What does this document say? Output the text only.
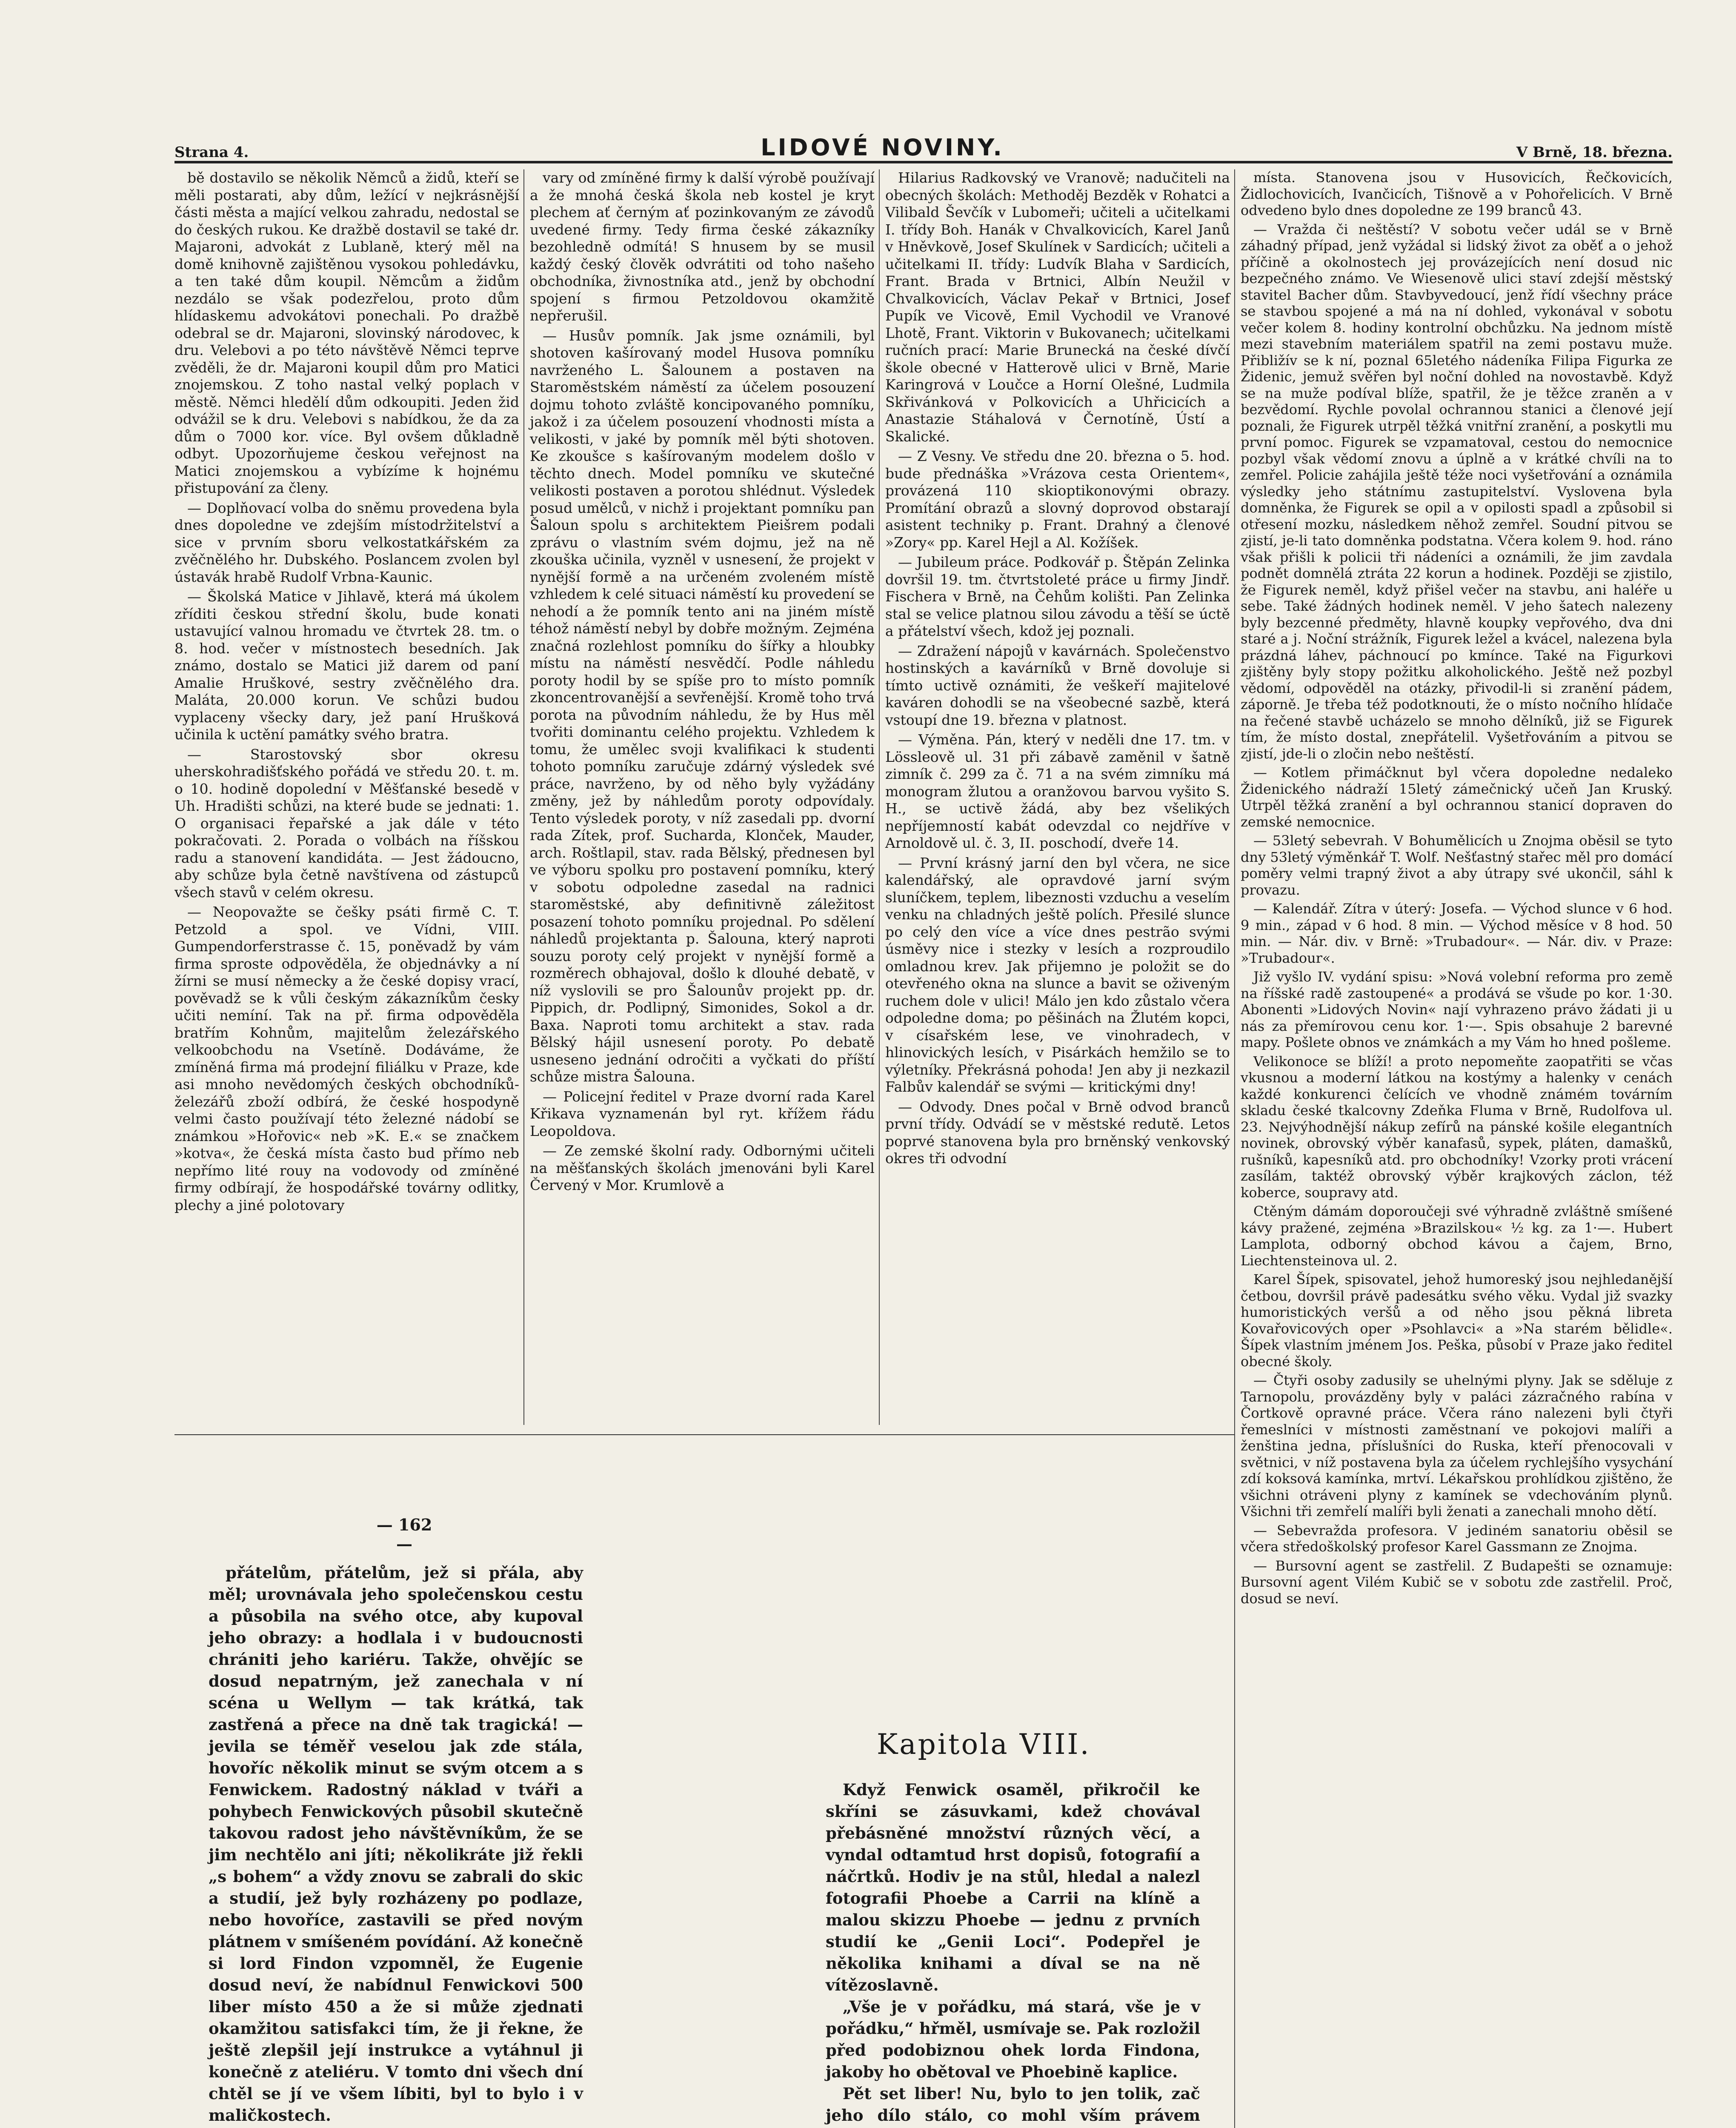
Strana 4.	LIDOVÉ NOVINY.	V Brně, 18. března.

bě dostavilo se několik Němců a židů, kteří se měli postarati, aby dům, ležící v nejkrásnější části města a mající velkou zahradu, nedostal se do českých rukou. Ke dražbě dostavil se také dr. Majaroni, advokát z Lublaně, který měl na domě knihovně zajištěnou vysokou pohledávku, a ten také dům koupil. Němcům a židům nezdálo se však podezřelou, proto dům hlídaskemu advokátovi ponechali. Po dražbě odebral se dr. Majaroni, slovinský národovec, k dru. Velebovi a po této návštěvě Němci teprve zvěděli, že dr. Majaroni koupil dům pro Matici znojemskou. Z toho nastal velký poplach v městě. Němci hledělí dům odkoupiti. Jeden žid odvážil se k dru. Velebovi s nabídkou, že da za dům o 7000 kor. více. Byl ovšem důkladně odbyt. Upozorňujeme českou veřejnost na Matici znojemskou a vybízíme k hojnému přistupování za členy.

— Doplňovací volba do sněmu provedena byla dnes dopoledne ve zdejším místodržitelství a sice v prvním sboru velkostatkářském za zvěčnělého hr. Dubského. Poslancem zvolen byl ústavák hrabě Rudolf Vrbna-Kaunic.

— Školská Matice v Jihlavě, která má úkolem zříditi českou střední školu, bude konati ustavující valnou hromadu ve čtvrtek 28. tm. o 8. hod. večer v místnostech besedních. Jak známo, dostalo se Matici již darem od paní Amalie Hruškové, sestry zvěčnělého dra. Maláta, 20.000 korun. Ve schůzi budou vyplaceny všecky dary, jež paní Hrušková učinila k uctění památky svého bratra.

— Starostovský sbor okresu uherskohradišťského pořádá ve středu 20. t. m. o 10. hodině dopolední v Měšťanské besedě v Uh. Hradišti schůzi, na které bude se jednati: 1. O organisaci řepařské a jak dále v této pokračovati. 2. Porada o volbách na říšskou radu a stanovení kandidáta. — Jest žádoucno, aby schůze byla četně navštívena od zástupců všech stavů v celém okresu.

— Neopovažte se češky psáti firmě C. T. Petzold a spol. ve Vídni, VIII. Gumpendorferstrasse č. 15, poněvadž by vám firma sproste odpověděla, že objednávky a ní žírni se musí německy a že české dopisy vrací, pověvadž se k vůli českým zákazníkům česky učiti nemíní. Tak na př. firma odpověděla bratřím Kohnům, majitelům železářského velkoobchodu na Vsetíně. Dodáváme, že zmíněná firma má prodejní filiálku v Praze, kde asi mnoho nevědomých českých obchodníků-železářů zboží odbírá, že české hospodyně velmi často používají této železné nádobí se známkou »Hořovic« neb »K. E.« se značkem »kotva«, že česká místa často bud přímo neb nepřímo lité rouy na vodovody od zmíněné firmy odbírají, že hospodářské továrny odlitky, plechy a jiné polotovary

vary od zmíněné firmy k další výrobě používají a že mnohá česká škola neb kostel je kryt plechem ať černým ať pozinkovaným ze závodů uvedené firmy. Tedy firma české zákazníky bezohledně odmítá! S hnusem by se musil každý český člověk odvrátiti od toho našeho obchodníka, živnostníka atd., jenž by obchodní spojení s firmou Petzoldovou okamžitě nepřerušil.

— Husův pomník. Jak jsme oznámili, byl shotoven kašírovaný model Husova pomníku navrženého L. Šalounem a postaven na Staroměstském náměstí za účelem posouzení dojmu tohoto zvláště koncipovaného pomníku, jakož i za účelem posouzení vhodnosti místa a velikosti, v jaké by pomník měl býti shotoven. Ke zkoušce s kašírovaným modelem došlo v těchto dnech. Model pomníku ve skutečné velikosti postaven a porotou shlédnut. Výsledek posud umělců, v nichž i projektant pomníku pan Šaloun spolu s architektem Pieišrem podali zprávu o vlastním svém dojmu, jež na ně zkouška učinila, vyzněl v usnesení, že projekt v nynější formě a na určeném zvoleném místě vzhledem k celé situaci náměstí ku provedení se nehodí a že pomník tento ani na jiném místě téhož náměstí nebyl by dobře možným. Zejména značná rozlehlost pomníku do šířky a hloubky místu na náměstí nesvědčí. Podle náhledu poroty hodil by se spíše pro to místo pomník zkoncentrovanější a sevřenější. Kromě toho trvá porota na původním náhledu, že by Hus měl tvořiti dominantu celého projektu. Vzhledem k tomu, že umělec svoji kvalifikaci k studenti tohoto pomníku zaručuje zdárný výsledek své práce, navrženo, by od něho byly vyžádány změny, jež by náhledům poroty odpovídaly. Tento výsledek poroty, v níž zasedali pp. dvorní rada Zítek, prof. Sucharda, Klonček, Mauder, arch. Roštlapil, stav. rada Bělský, přednesen byl ve výboru spolku pro postavení pomníku, který v sobotu odpoledne zasedal na radnici staroměstské, aby definitivně záležitost posazení tohoto pomníku projednal. Po sdělení náhledů projektanta p. Šalouna, který naproti souzu poroty celý projekt v nynější formě a rozměrech obhajoval, došlo k dlouhé debatě, v níž vyslovili se pro Šalounův projekt pp. dr. Pippich, dr. Podlipný, Simonides, Sokol a dr. Baxa. Naproti tomu architekt a stav. rada Bělský hájil usnesení poroty. Po debatě usneseno jednání odročiti a vyčkati do příští schůze mistra Šalouna.

— Policejní ředitel v Praze dvorní rada Karel Křikava vyznamenán byl ryt. křížem řádu Leopoldova.

— Ze zemské školní rady. Odbornými učiteli na měšťanských školách jmenováni byli Karel Červený v Mor. Krumlově a

Hilarius Radkovský ve Vranově; nadučiteli na obecných školách: Methoděj Bezděk v Rohatci a Vilibald Ševčík v Lubomeři; učiteli a učitelkami I. třídy Boh. Hanák v Chvalkovicích, Karel Janů v Hněvkově, Josef Skulínek v Sardicích; učiteli a učitelkami II. třídy: Ludvík Blaha v Sardicích, Frant. Brada v Brtnici, Albín Neužil v Chvalkovicích, Václav Pekař v Brtnici, Josef Pupík ve Vicově, Emil Vychodil ve Vranové Lhotě, Frant. Viktorin v Bukovanech; učitelkami ručních prací: Marie Brunecká na české dívčí škole obecné v Hatterově ulici v Brně, Marie Karingrová v Loučce a Horní Olešné, Ludmila Skřivánková v Polkovicích a Uhřicicích a Anastazie Stáhalová v Černotíně, Ústí a Skalické.

— Z Vesny. Ve středu dne 20. března o 5. hod. bude přednáška »Vrázova cesta Orientem«, provázená 110 skioptikonovými obrazy. Promítání obrazů a slovný doprovod obstarají asistent techniky p. Frant. Drahný a členové »Zory« pp. Karel Hejl a Al. Kožíšek.

— Jubileum práce. Podkovář p. Štěpán Zelinka dovršil 19. tm. čtvrtstoleté práce u firmy Jindř. Fischera v Brně, na Čehům kolišti. Pan Zelinka stal se velice platnou silou závodu a těší se úctě a přátelství všech, kdož jej poznali.

— Zdražení nápojů v kavárnách. Společenstvo hostinských a kavárníků v Brně dovoluje si tímto uctivě oznámiti, že veškeří majitelové kaváren dohodli se na všeobecné sazbě, která vstoupí dne 19. března v platnost.

— Výměna. Pán, který v neděli dne 17. tm. v Lössleově ul. 31 při zábavě zaměnil v šatně zimník č. 299 za č. 71 a na svém zimníku má monogram žlutou a oranžovou barvou vyšito S. H., se uctivě žádá, aby bez všelikých nepříjemností kabát odevzdal co nejdříve v Arnoldově ul. č. 3, II. poschodí, dveře 14.

— První krásný jarní den byl včera, ne sice kalendářský, ale opravdové jarní svým sluníčkem, teplem, libeznosti vzduchu a veselím venku na chladných ještě polích. Přesilé slunce po celý den více a více dnes pestrão svými úsměvy nice i stezky v lesích a rozproudilo omladnou krev. Jak přijemno je položit se do otevřeného okna na slunce a bavit se oživeným ruchem dole v ulici! Málo jen kdo zůstalo včera odpoledne doma; po pěšinách na Žlutém kopci, v císařském lese, ve vinohradech, v hlinovických lesích, v Pisárkách hemžilo se to výletníky. Překrásná pohoda! Jen aby ji nezkazil Falbův kalendář se svými — kritickými dny!

— Odvody. Dnes počal v Brně odvod branců první třídy. Odvádí se v městské redutě. Letos poprvé stanovena byla pro brněnský venkovský okres tři odvodní

místa. Stanovena jsou v Husovicích, Řečkovicích, Židlochovicích, Ivančicích, Tišnově a v Pohořelicích. V Brně odvedeno bylo dnes dopoledne ze 199 branců 43.

— Vražda či neštěstí? V sobotu večer udál se v Brně záhadný případ, jenž vyžádal si lidský život za oběť a o jehož příčině a okolnostech jej provázejících není dosud nic bezpečného známo. Ve Wiesenově ulici staví zdejší městský stavitel Bacher dům. Stavbyvedoucí, jenž řídí všechny práce se stavbou spojené a má na ní dohled, vykonával v sobotu večer kolem 8. hodiny kontrolní obchůzku. Na jednom místě mezi stavebním materiálem spatřil na zemi postavu muže. Přibližív se k ní, poznal 65letého nádeníka Filipa Figurka ze Židenic, jemuž svěřen byl noční dohled na novostavbě. Když se na muže podíval blíže, spatřil, že je těžce zraněn a v bezvědomí. Rychle povolal ochrannou stanici a členové její poznali, že Figurek utrpěl těžká vnitřní zranění, a poskytli mu první pomoc. Figurek se vzpamatoval, cestou do nemocnice pozbyl však vědomí znovu a úplně a v krátké chvíli na to zemřel. Policie zahájila ještě téže noci vyšetřování a oznámila výsledky jeho státnímu zastupitelství. Vyslovena byla domněnka, že Figurek se opil a v opilosti spadl a způsobil si otřesení mozku, následkem něhož zemřel. Soudní pitvou se zjistí, je-li tato domněnka podstatna. Včera kolem 9. hod. ráno však přišli k policii tři nádeníci a oznámili, že jim zavdala podnět domnělá ztráta 22 korun a hodinek. Později se zjistilo, že Figurek neměl, když přišel večer na stavbu, ani haléře u sebe. Také žádných hodinek neměl. V jeho šatech nalezeny byly bezcenné předměty, hlavně koupky vepřového, dva dni staré a j. Noční strážník, Figurek ležel a kvácel, nalezena byla prázdná láhev, páchnoucí po kmínce. Také na Figurkovi zjištěny byly stopy požitku alkoholického. Ještě než pozbyl vědomí, odpověděl na otázky, přivodil-li si zranění pádem, záporně. Je třeba též podotknouti, že o místo nočního hlídače na řečené stavbě ucházelo se mnoho dělníků, již se Figurek tím, že místo dostal, znepřátelil. Vyšetřováním a pitvou se zjistí, jde-li o zločin nebo neštěstí.

— Kotlem přimáčknut byl včera dopoledne nedaleko Židenického nádraží 15letý zámečnický učeň Jan Kruský. Utrpěl těžká zranění a byl ochrannou stanicí dopraven do zemské nemocnice.

— 53letý sebevrah. V Bohumělicích u Znojma oběsil se tyto dny 53letý výměnkář T. Wolf. Nešťastný stařec měl pro domácí poměry velmi trapný život a aby útrapy své ukončil, sáhl k provazu.

— Kalendář. Zítra v úterý: Josefa. — Východ slunce v 6 hod. 9 min., západ v 6 hod. 8 min. — Východ měsíce v 8 hod. 50 min. — Nár. div. v Brně: »Trubadour«. — Nár. div. v Praze: »Trubadour«.

Již vyšlo IV. vydání spisu: »Nová volební reforma pro země na říšské radě zastoupené« a prodává se všude po kor. 1·30. Abonenti »Lidových Novin« nají vyhrazeno právo žádati ji u nás za přemírovou cenu kor. 1·—. Spis obsahuje 2 barevné mapy. Pošlete obnos ve známkách a my Vám ho hned pošleme.

Velikonoce se blíží! a proto nepomeňte zaopatřiti se včas vkusnou a moderní látkou na kostýmy a halenky v cenách každé konkurenci čelících ve vhodně známém továrním skladu české tkalcovny Zdeňka Fluma v Brně, Rudolfova ul. 23. Nejvýhodnější nákup zefírů na pánské košile elegantních novinek, obrovský výběr kanafasů, sypek, pláten, damašků, rušníků, kapesníků atd. pro obchodníky! Vzorky proti vrácení zasílám, taktéž obrovský výběr krajkových záclon, též koberce, soupravy atd.

Ctěným dámám doporoučeji své výhradně zvláštně smíšené kávy pražené, zejména »Brazilskou« ½ kg. za 1·—. Hubert Lamplota, odborný obchod kávou a čajem, Brno, Liechtensteinova ul. 2.

Karel Šípek, spisovatel, jehož humoreský jsou nejhledanější četbou, dovršil právě padesátku svého věku. Vydal již svazky humoristických veršů a od něho jsou pěkná libreta Kovařovicových oper »Psohlavci« a »Na starém bělidle«. Šípek vlastním jménem Jos. Peška, působí v Praze jako ředitel obecné školy.

— Čtyři osoby zadusily se uhelnými plyny. Jak se sděluje z Tarnopolu, provázděny byly v paláci zázračného rabína v Čortkově opravné práce. Včera ráno nalezeni byli čtyři řemeslníci v místnosti zaměstnaní ve pokojovi malíři a ženština jedna, příslušníci do Ruska, kteří přenocovali v světnici, v níž postavena byla za účelem rychlejšího vysychání zdí koksová kamínka, mrtví. Lékařskou prohlídkou zjištěno, že všichni otráveni plyny z kamínek se vdechováním plynů. Všichni tři zemřelí malíři byli ženati a zanechali mnoho dětí.

— Sebevražda profesora. V jediném sanatoriu oběsil se včera středoškolský profesor Karel Gassmann ze Znojma.

— Bursovní agent se zastřelil. Z Budapešti se oznamuje: Bursovní agent Vilém Kubič se v sobotu zde zastřelil. Proč, dosud se neví.

— 162 —

přátelům, přátelům, jež si přála, aby měl; urovnávala jeho společenskou cestu a působila na svého otce, aby kupoval jeho obrazy: a hodlala i v budoucnosti chrániti jeho kariéru. Takže, ohvějíc se dosud nepatrným, jež zanechala v ní scéna u Wellym — tak krátká, tak zastřená a přece na dně tak tragická! — jevila se téměř veselou jak zde stála, hovoříc několik minut se svým otcem a s Fenwickem. Radostný náklad v tváři a pohybech Fenwickových působil skutečně takovou radost jeho návštěvníkům, že se jim nechtělo ani jíti; několikráte již řekli „s bohem“ a vždy znovu se zabrali do skic a studií, jež byly rozházeny po podlaze, nebo hovoříce, zastavili se před novým plátnem v smíšeném povídání. Až konečně si lord Findon vzpomněl, že Eugenie dosud neví, že nabídnul Fenwickovi 500 liber místo 450 a že si může zjednati okamžitou satisfakci tím, že ji řekne, že ještě zlepšil její instrukce a vytáhnul ji konečně z ateliéru. V tomto dni všech dní chtěl se jí ve všem líbiti, byl to bylo i v maličkostech.

Kapitola VIII.

Když Fenwick osaměl, přikročil ke skříni se zásuvkami, kdež chovával přebásněné množství různých věcí, a vyndal odtamtud hrst dopisů, fotografií a náčrtků. Hodiv je na stůl, hledal a nalezl fotografii Phoebe a Carrii na klíně a malou skizzu Phoebe — jednu z prvních studií ke „Genii Loci“. Podepřel je několika knihami a díval se na ně vítězoslavně.

„Vše je v pořádku, má stará, vše je v pořádku,“ hřměl, usmívaje se. Pak rozložil před podobiznou ohek lorda Findona, jakoby ho obětoval ve Phoebině kaplice.

Pět set liber! Nu, bylo to jen tolik, zač jeho dílo stálo, co mohl vším právem
